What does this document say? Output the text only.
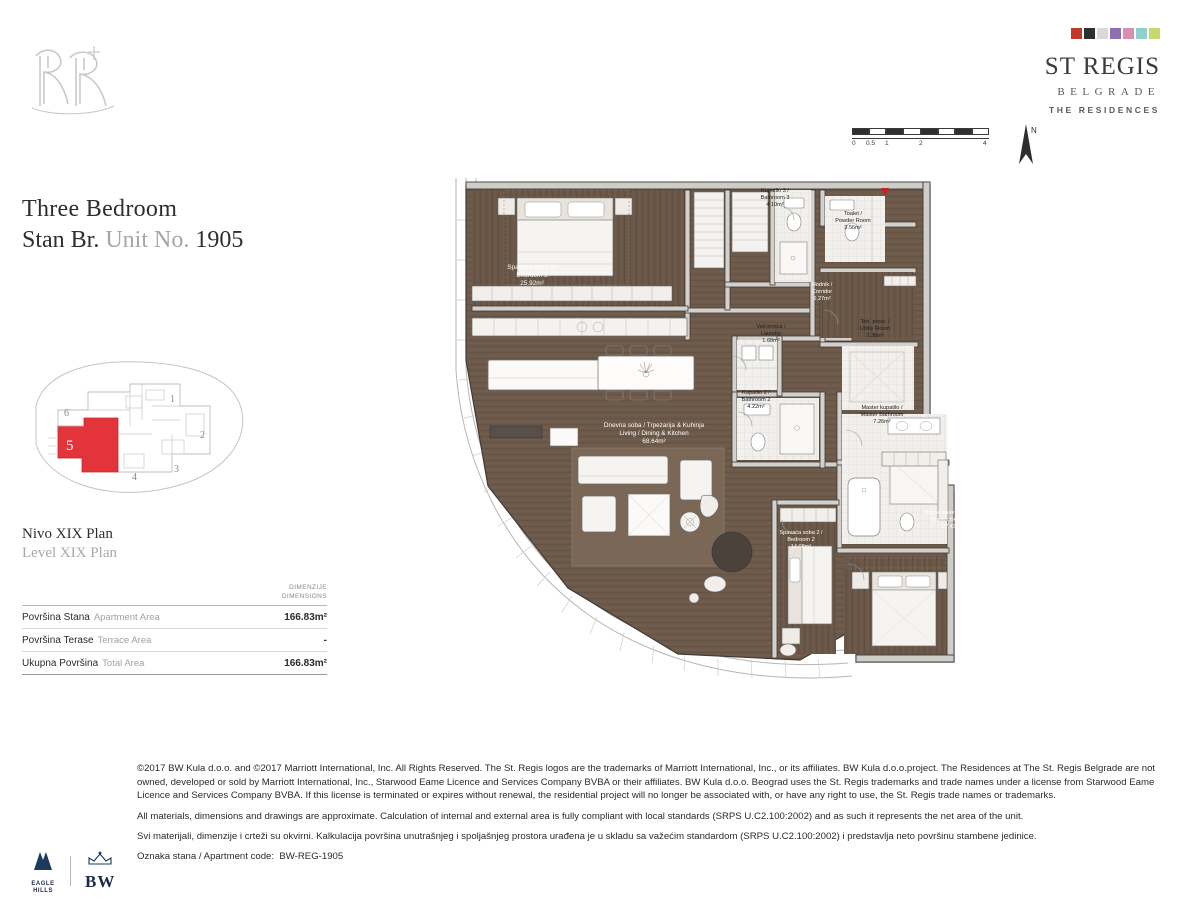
ST REGIS
BELGRADE
THE RESIDENCES
Three Bedroom
Stan Br. Unit No. 1905
1
2
3
4
5
6
Nivo XIX Plan
Level XIX Plan
DIMENZIJE
DIMENSIONS
Površina Stana Apartment Area	166.83m²
Površina Terase Terrace Area	-
Ukupna Površina Total Area	166.83m²
0 0.5 1	2	4
N
Spavaća soba 3 /
Bedroom 3
25.92m²
Kupatilo 3 /
Bathroom 3
4.10m²
Toalet /
Powder Room
3.56m²
Hodnik /
Corridor
6.27m²
Veš ernica /
Laundry
1.68m²
Teh. prost. /
Utility Room
3.38m²
Kupatilo 2 /
Bathroom 2
4.22m²	Master kupatilo /
Master Bathroom
7.26m²
Dnevna soba / Trpezarija & Kuhinja
Living / Dining & Kitchen
68.64m²
Spavaća soba 2 /
Bedroom 2
14.08m²
Master spavaća soba /
Master Bedroom
27.43m²

©2017 BW Kula d.o.o. and ©2017 Marriott International, Inc. All Rights Reserved. The St. Regis logos are the trademarks of Marriott International, Inc., or its affiliates. BW Kula d.o.o.project. The Residences at The St. Regis Belgrade are not owned, developed or sold by Marriott International, Inc., Starwood Eame Licence and Services Company BVBA or their affiliates. BW Kula d.o.o. Beograd uses the St. Regis trademarks and trade names under a license from Starwood Eame Licence and Services Company BVBA. If this license is terminated or expires without renewal, the residential project will no longer be associated with, or have any right to use, the St. Regis trade names or trademarks.

All materials, dimensions and drawings are approximate. Calculation of internal and external area is fully compliant with local standards (SRPS U.C2.100:2002) and as such it represents the net area of the unit.

Svi materijali, dimenzije i crteži su okvirni. Kalkulacija površina unutrašnjeg i spoljašnjeg prostora urađena je u skladu sa važećim standardom (SRPS U.C2.100:2002) i predstavlja neto površinu stambene jedinice.

Oznaka stana / Apartment code: BW-REG-1905

EAGLE
HILLS BW
